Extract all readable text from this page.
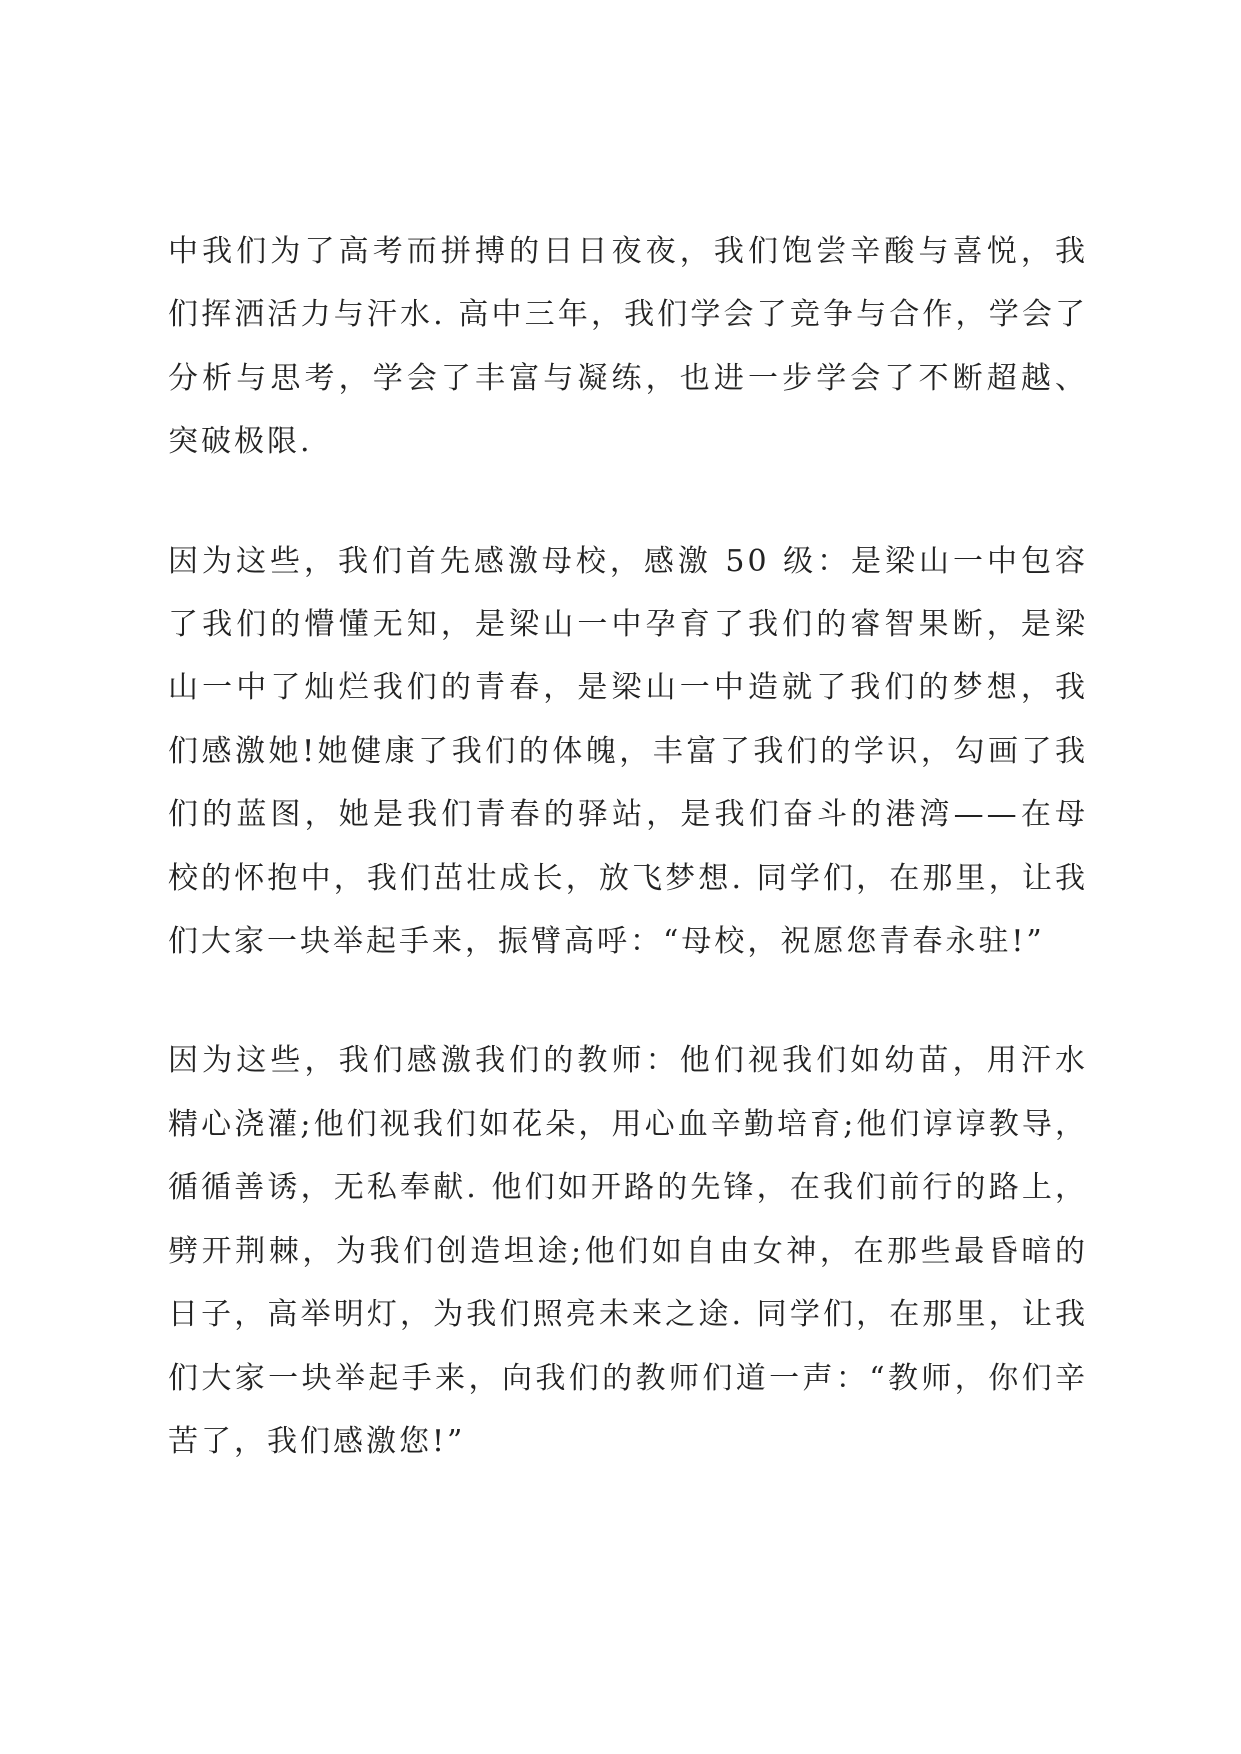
中我们为了高考而拼搏的日日夜夜，我们饱尝辛酸与喜悦，我们挥洒活力与汗水. 高中三年，我们学会了竞争与合作，学会了分析与思考，学会了丰富与凝练，也进一步学会了不断超越、突破极限.

因为这些，我们首先感激母校，感激 50 级：是梁山一中包容了我们的懵懂无知，是梁山一中孕育了我们的睿智果断，是梁山一中了灿烂我们的青春，是梁山一中造就了我们的梦想，我们感激她!她健康了我们的体魄，丰富了我们的学识，勾画了我们的蓝图，她是我们青春的驿站，是我们奋斗的港湾——在母校的怀抱中，我们茁壮成长，放飞梦想. 同学们，在那里，让我们大家一块举起手来，振臂高呼：“母校，祝愿您青春永驻!”

因为这些，我们感激我们的教师：他们视我们如幼苗，用汗水精心浇灌;他们视我们如花朵，用心血辛勤培育;他们谆谆教导，循循善诱，无私奉献. 他们如开路的先锋，在我们前行的路上，劈开荆棘，为我们创造坦途;他们如自由女神，在那些最昏暗的日子，高举明灯，为我们照亮未来之途. 同学们，在那里，让我们大家一块举起手来，向我们的教师们道一声：“教师，你们辛苦了，我们感激您!”
